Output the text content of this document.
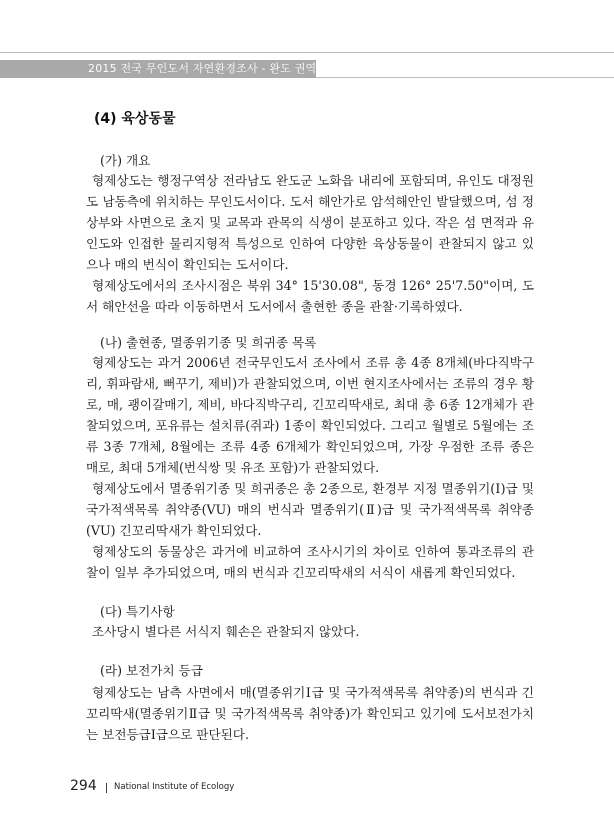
2015 전국 무인도서 자연환경조사 - 완도 권역
(4) 육상동물
(가) 개요

형제상도는 행정구역상 전라남도 완도군 노화읍 내리에 포함되며, 유인도 대정원도 남동측에 위치하는 무인도서이다. 도서 해안가로 암석해안인 발달했으며, 섬 정상부와 사면으로 초지 및 교목과 관목의 식생이 분포하고 있다. 작은 섬 면적과 유인도와 인접한 물리지형적 특성으로 인하여 다양한 육상동물이 관찰되지 않고 있으나 매의 번식이 확인되는 도서이다.

형제상도에서의 조사시점은 북위 34° 15'30.08", 동경 126° 25'7.50"이며, 도서 해안선을 따라 이동하면서 도서에서 출현한 종을 관찰·기록하였다.

(나) 출현종, 멸종위기종 및 희귀종 목록

형제상도는 과거 2006년 전국무인도서 조사에서 조류 총 4종 8개체(바다직박구리, 휘파람새, 뻐꾸기, 제비)가 관찰되었으며, 이번 현지조사에서는 조류의 경우 황로, 매, 괭이갈매기, 제비, 바다직박구리, 긴꼬리딱새로, 최대 총 6종 12개체가 관찰되었으며, 포유류는 설치류(쥐과) 1종이 확인되었다. 그리고 월별로 5월에는 조류 3종 7개체, 8월에는 조류 4종 6개체가 확인되었으며, 가장 우점한 조류 종은 매로, 최대 5개체(번식쌍 및 유조 포함)가 관찰되었다.

형제상도에서 멸종위기종 및 희귀종은 총 2종으로, 환경부 지정 멸종위기(Ⅰ)급 및 국가적색목록 취약종(VU) 매의 번식과 멸종위기(Ⅱ)급 및 국가적색목록 취약종(VU) 긴꼬리딱새가 확인되었다.

형제상도의 동물상은 과거에 비교하여 조사시기의 차이로 인하여 통과조류의 관찰이 일부 추가되었으며, 매의 번식과 긴꼬리딱새의 서식이 새롭게 확인되었다.

(다) 특기사항

조사당시 별다른 서식지 훼손은 관찰되지 않았다.

(라) 보전가치 등급

형제상도는 남측 사면에서 매(멸종위기Ⅰ급 및 국가적색목록 취약종)의 번식과 긴꼬리딱새(멸종위기Ⅱ급 및 국가적색목록 취약종)가 확인되고 있기에 도서보전가치는 보전등급Ⅰ급으로 판단된다.

294 National Institute of Ecology
